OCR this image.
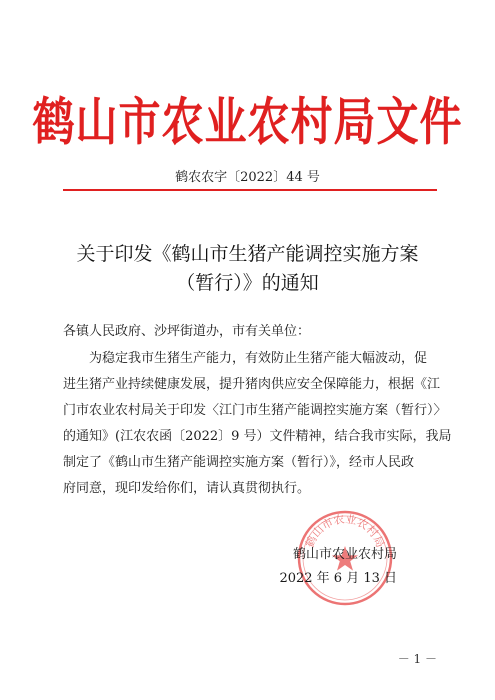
鹤山市农业农村局文件
鹤农农字〔2022〕44 号
关于印发《鹤山市生猪产能调控实施方案
（暂行）》的通知
各镇人民政府、沙坪街道办，市有关单位：
为稳定我市生猪生产能力，有效防止生猪产能大幅波动，促
进生猪产业持续健康发展，提升猪肉供应安全保障能力，根据《江
门市农业农村局关于印发〈江门市生猪产能调控实施方案（暂行）〉
的通知》(江农农函〔2022〕9 号）文件精神，结合我市实际，我局
制定了《鹤山市生猪产能调控实施方案（暂行）》，经市人民政
府同意，现印发给你们，请认真贯彻执行。
鹤山市农业农村局
鹤山市农业农村局
2022 年 6 月 13 日
－ 1 －
